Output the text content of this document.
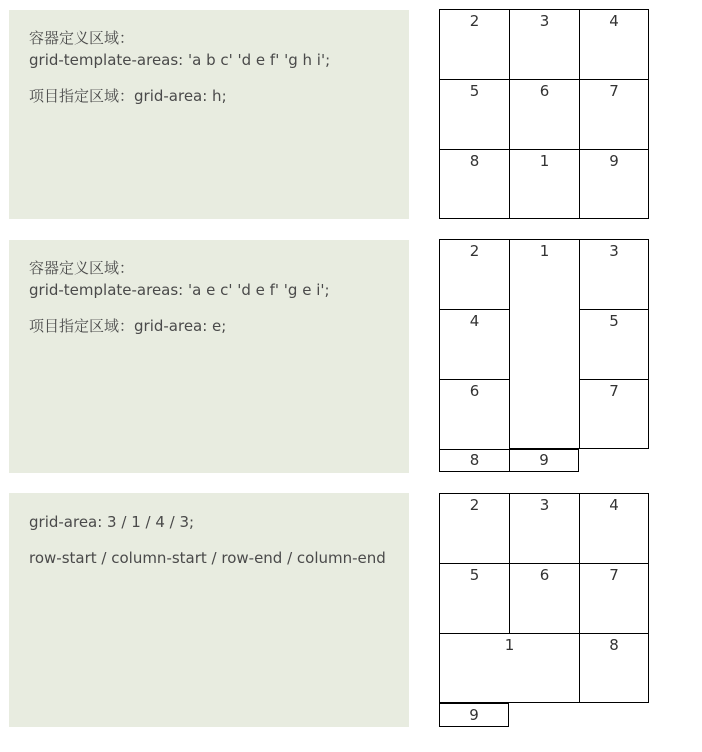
容器定义区域：

grid-template-areas: 'a b c' 'd e f' 'g h i';

项目指定区域：grid-area: h;

2	3	4
5	6	7
8	1	9

容器定义区域：

grid-template-areas: 'a e c' 'd e f' 'g e i';

项目指定区域：grid-area: e;

2	1	3
4	5
6	7
8	9

grid-area: 3 / 1 / 4 / 3;

row-start / column-start / row-end / column-end

2	3	4
5	6	7
1	8
9
